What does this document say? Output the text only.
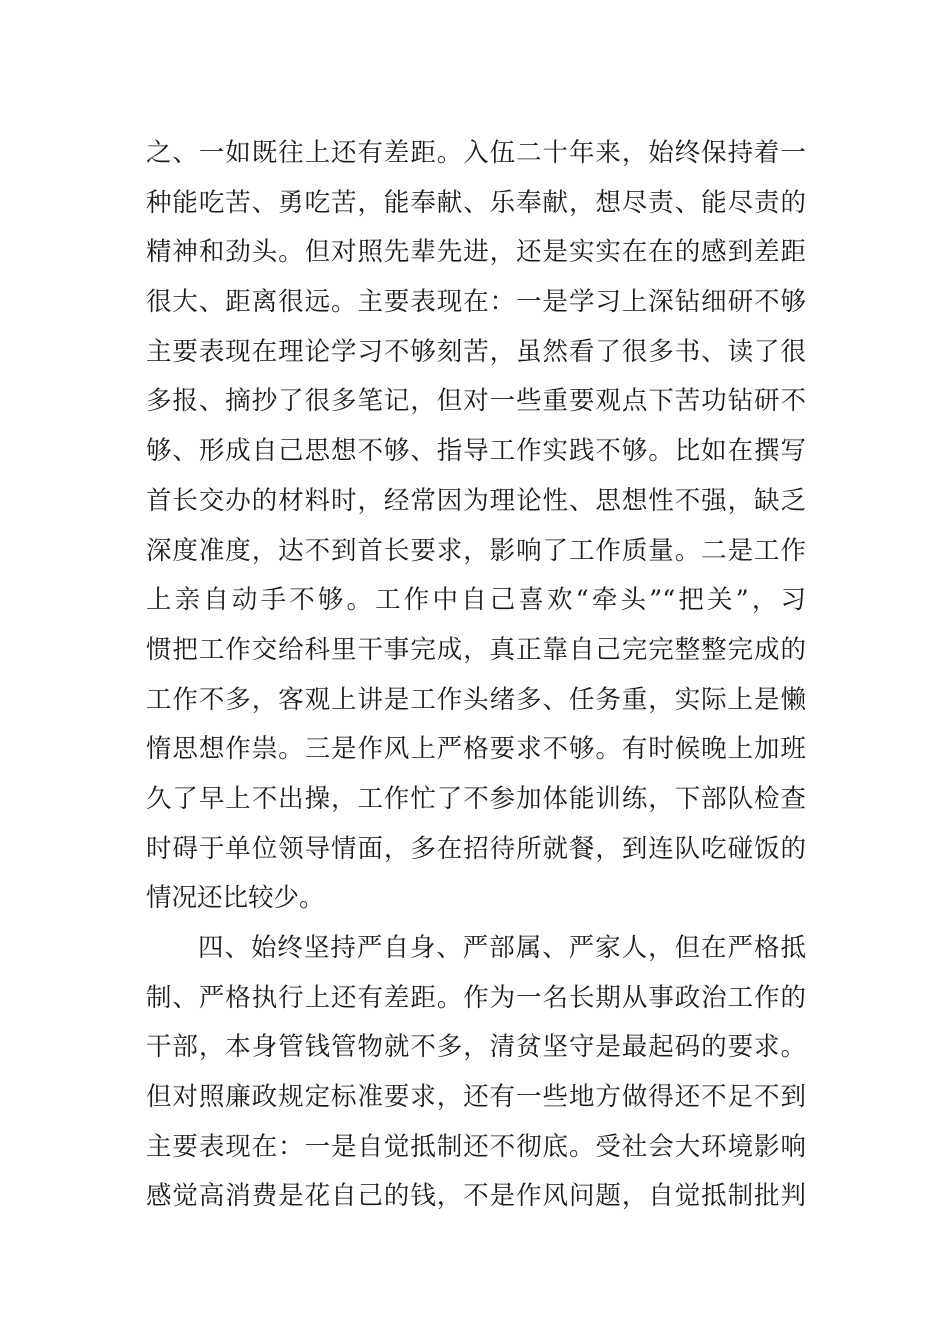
之、一如既往上还有差距。入伍二十年来，始终保持着一
种能吃苦、勇吃苦，能奉献、乐奉献，想尽责、能尽责的
精神和劲头。但对照先辈先进，还是实实在在的感到差距
很大、距离很远。主要表现在：一是学习上深钻细研不够
主要表现在理论学习不够刻苦，虽然看了很多书、读了很
多报、摘抄了很多笔记，但对一些重要观点下苦功钻研不
够、形成自己思想不够、指导工作实践不够。比如在撰写
首长交办的材料时，经常因为理论性、思想性不强，缺乏
深度准度，达不到首长要求，影响了工作质量。二是工作
上亲自动手不够。工作中自己喜欢“牵头”“把关”，习
惯把工作交给科里干事完成，真正靠自己完完整整完成的
工作不多，客观上讲是工作头绪多、任务重，实际上是懒
惰思想作祟。三是作风上严格要求不够。有时候晚上加班
久了早上不出操，工作忙了不参加体能训练，下部队检查
时碍于单位领导情面，多在招待所就餐，到连队吃碰饭的
情况还比较少。
四、始终坚持严自身、严部属、严家人，但在严格抵
制、严格执行上还有差距。作为一名长期从事政治工作的
干部，本身管钱管物就不多，清贫坚守是最起码的要求。
但对照廉政规定标准要求，还有一些地方做得还不足不到
主要表现在：一是自觉抵制还不彻底。受社会大环境影响
感觉高消费是花自己的钱，不是作风问题，自觉抵制批判
